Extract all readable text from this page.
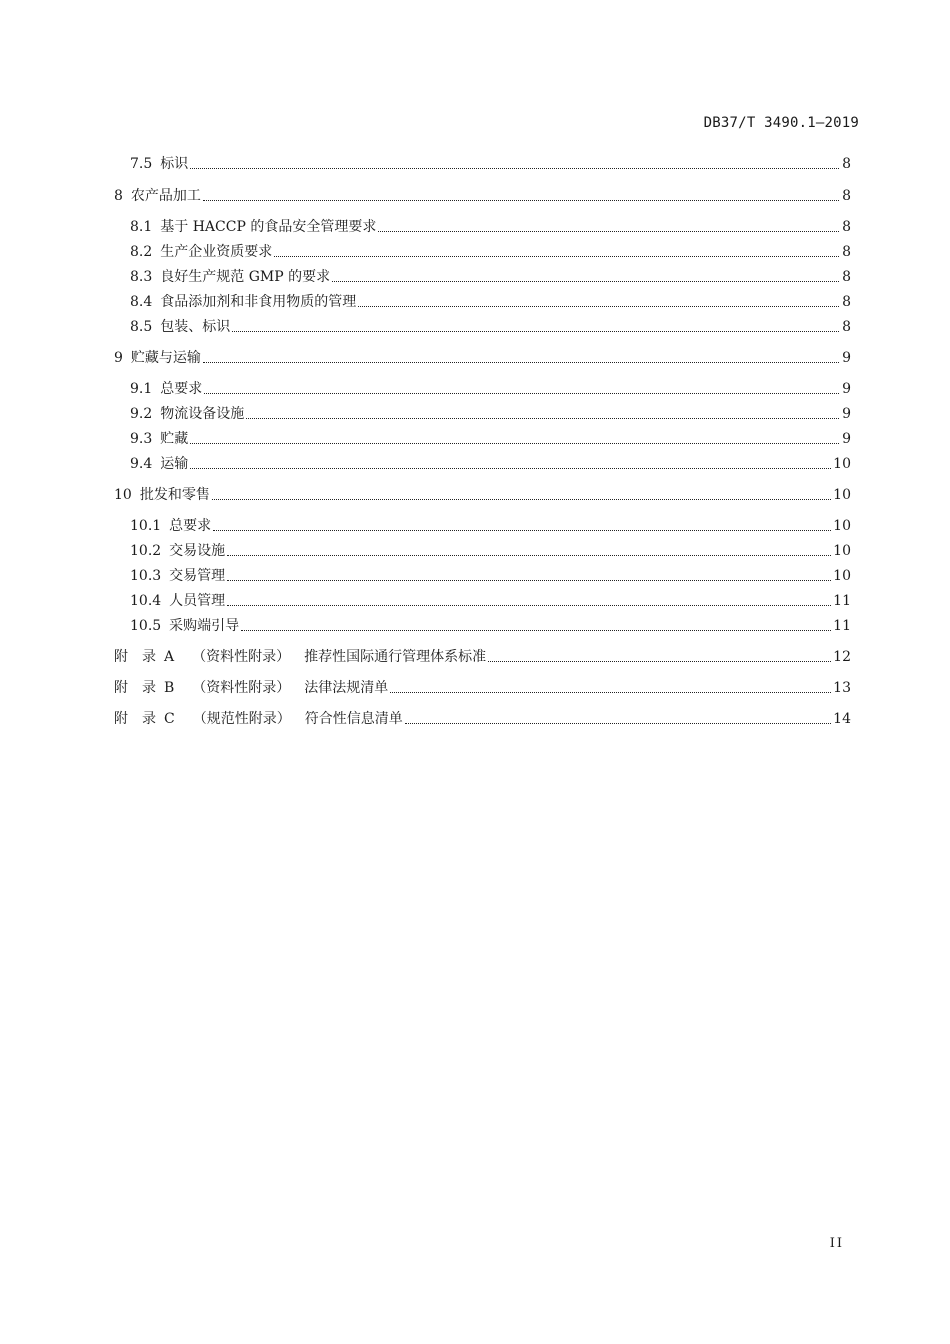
DB37/T 3490.1—2019
7.5 标识	8
8 农产品加工	8
8.1 基于 HACCP 的食品安全管理要求	8
8.2 生产企业资质要求	8
8.3 良好生产规范 GMP 的要求	8
8.4 食品添加剂和非食用物质的管理	8
8.5 包装、标识	8
9 贮藏与运输	9
9.1 总要求	9
9.2 物流设备设施	9
9.3 贮藏	9
9.4 运输	10
10 批发和零售	10
10.1 总要求	10
10.2 交易设施	10
10.3 交易管理	10
10.4 人员管理	11
10.5 采购端引导	11
附　录 A	（资料性附录）	推荐性国际通行管理体系标准	12
附　录 B	（资料性附录）	法律法规清单	13
附　录 C	（规范性附录）	符合性信息清单	14
II
